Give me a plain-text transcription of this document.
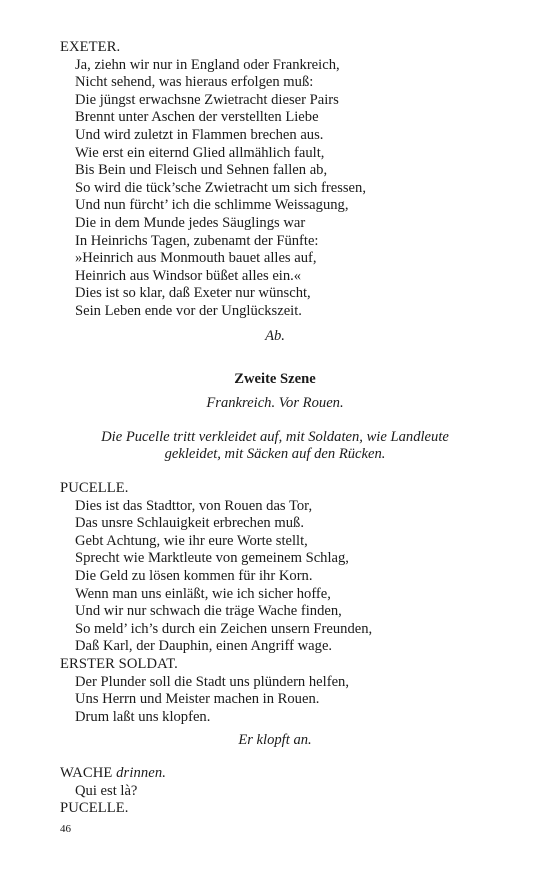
EXETER.
Ja, ziehn wir nur in England oder Frankreich,
Nicht sehend, was hieraus erfolgen muß:
Die jüngst erwachsne Zwietracht dieser Pairs
Brennt unter Aschen der verstellten Liebe
Und wird zuletzt in Flammen brechen aus.
Wie erst ein eiternd Glied allmählich fault,
Bis Bein und Fleisch und Sehnen fallen ab,
So wird die tück’sche Zwietracht um sich fressen,
Und nun fürcht’ ich die schlimme Weissagung,
Die in dem Munde jedes Säuglings war
In Heinrichs Tagen, zubenamt der Fünfte:
»Heinrich aus Monmouth bauet alles auf,
Heinrich aus Windsor büßet alles ein.«
Dies ist so klar, daß Exeter nur wünscht,
Sein Leben ende vor der Unglückszeit.
Ab.
Zweite Szene
Frankreich. Vor Rouen.
Die Pucelle tritt verkleidet auf, mit Soldaten, wie Landleute
gekleidet, mit Säcken auf den Rücken.
PUCELLE.
Dies ist das Stadttor, von Rouen das Tor,
Das unsre Schlauigkeit erbrechen muß.
Gebt Achtung, wie ihr eure Worte stellt,
Sprecht wie Marktleute von gemeinem Schlag,
Die Geld zu lösen kommen für ihr Korn.
Wenn man uns einläßt, wie ich sicher hoffe,
Und wir nur schwach die träge Wache finden,
So meld’ ich’s durch ein Zeichen unsern Freunden,
Daß Karl, der Dauphin, einen Angriff wage.
ERSTER SOLDAT.
Der Plunder soll die Stadt uns plündern helfen,
Uns Herrn und Meister machen in Rouen.
Drum laßt uns klopfen.
Er klopft an.
WACHE drinnen.
Qui est là?
PUCELLE.
46
